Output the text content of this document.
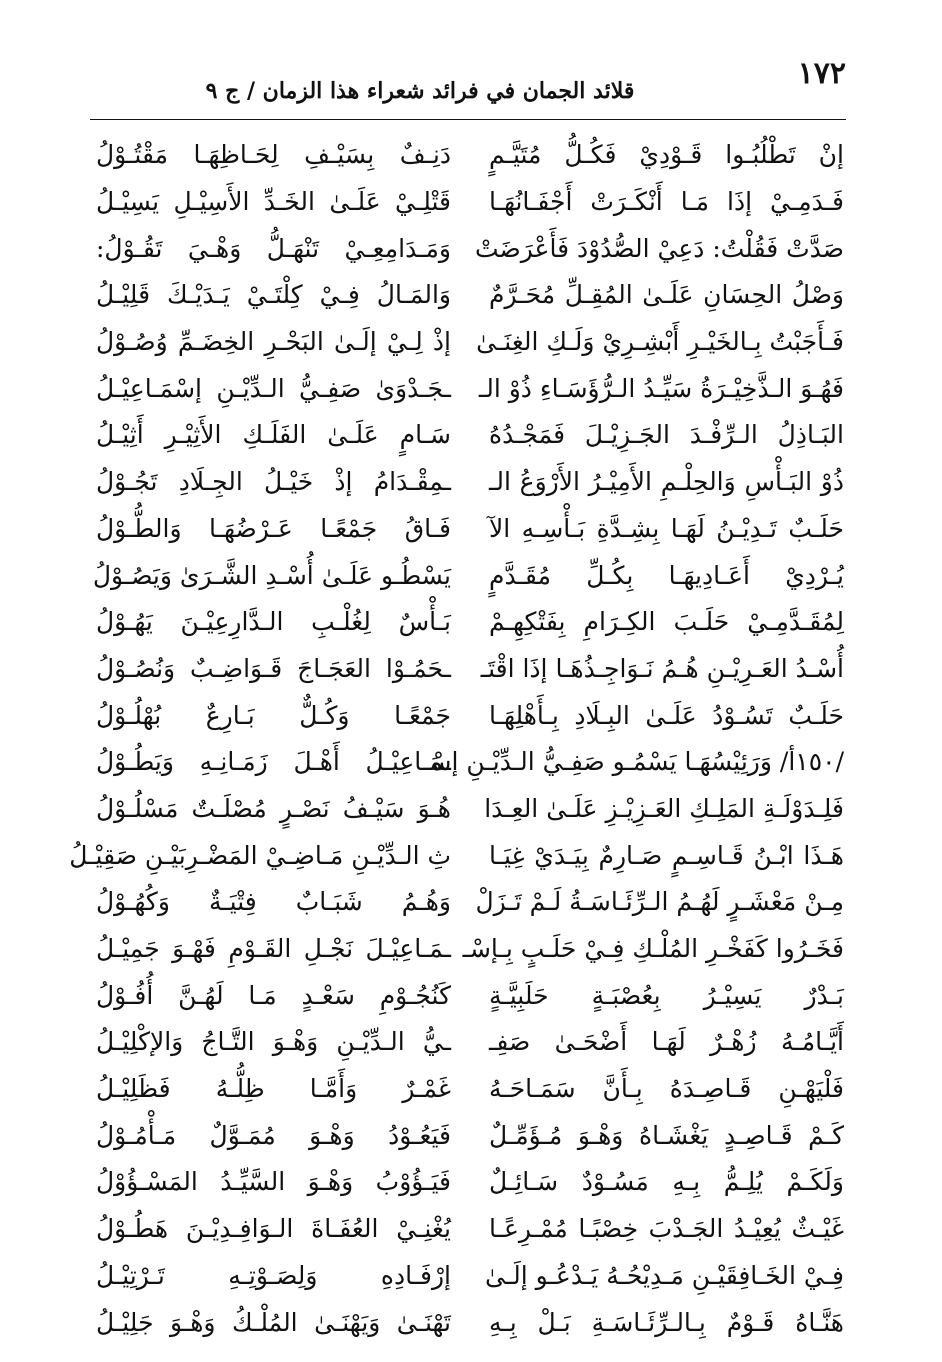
١٧٢
قلائد الجمان في فرائد شعراء هذا الزمان / ج ٩
إنْ تَطْلُبُـوا قَـوْدِيْ فَكُـلُّ مُتَيَّـمٍ
دَنِـفٌ بِسَيْـفِ لِحَـاظِهَـا مَقْتُـوْلُ
فَـدَمِـيْ إذَا مَـا أَنْكَـرَتْ أَجْفَـانُهَـا
قَتْلِـيْ عَلَـىٰ الخَـدِّ الأَسِيْـلِ يَسِيْـلُ
صَدَّتْ فَقُلْتُ: دَعِيْ الصُّدُوْدَ فَأَعْرَضَتْ
وَمَـدَامِعِـيْ تَنْهَـلُّ وَهْـيَ تَقُـوْلُ:
وَصْلُ الحِسَانِ عَلَـىٰ المُقِـلِّ مُحَـرَّمٌ
وَالمَـالُ فِـيْ كِلْتَـيْ يَـدَيْـكَ قَلِيْـلُ
فَـأَجَبْتُ بِـالخَيْـرِ أَبْشِـرِيْ وَلَـكِ الغِنَـىٰ
إذْ لِـيْ إلَـىٰ البَحْـرِ الخِضَـمِّ وُصُـوْلُ
فَهُـوَ الـذَّخِيْـرَةُ سَيِّـدُ الـرُّؤَسَـاءِ ذُوْ الـ
ـجَـدْوَىٰ صَفِـيُّ الـدِّيْـنِ إسْمَـاعِيْـلُ
البَـاذِلُ الـرِّفْـدَ الجَـزِيْـلَ فَمَجْـدُهُ
سَـامٍ عَلَـىٰ الفَلَـكِ الأَثِيْـرِ أَثِيْـلُ
ذُوْ البَـأْسِ وَالحِلْـمِ الأَمِيْـرُ الأَرْوَعُ الـ
ـمِقْـدَامُ إذْ خَيْـلُ الجِـلَادِ تَجُـوْلُ
حَلَـبٌ تَـدِيْـنُ لَهَـا بِشِـدَّةِ بَـأْسِـهِ الآ
فَـاقُ جَمْعًـا عَـرْضُهَـا وَالطُّـوْلُ
يُـرْدِيْ أَعَـادِيهَـا بِكُـلِّ مُقَـدَّمٍ
يَسْطُـو عَلَـىٰ أُسْـدِ الشَّـرَىٰ وَيَصُـوْلُ
لِمُقَـدَّمِـيْ حَلَـبَ الكِـرَامِ بِفَتْكِهِـمْ
بَـأْسٌ لِغُلْـبِ الـدَّارِعِيْـنَ يَهُـوْلُ
أُسْـدُ العَـرِيْـنِ هُـمُ نَـوَاجِـذُهَـا إذَا اقْتَـ
ـحَمُـوْا العَجَـاجَ قَـوَاضِـبٌ وَنُصُـوْلُ
حَلَـبٌ تَسُـوْدُ عَلَـىٰ البِـلَادِ بِـأَهْلِهَـا
جَمْعًـا وَكُـلٌّ بَـارِعٌ بُهْلُـوْلُ
/١٥٠أ/ وَرَئِيْسُهَـا يَسْمُـو صَفِـيُّ الـدِّيْـنِ إسْـ
ـمَـاعِيْـلُ أَهْـلَ زَمَـانِـهِ وَيَطُـوْلُ
فَلِـدَوْلَـةِ المَلِـكِ العَـزِيْـزِ عَلَـىٰ العِـدَا
هُـوَ سَيْـفُ نَصْـرٍ مُصْلَـتٌ مَسْلُـوْلُ
هَـذَا ابْـنُ قَـاسِـمٍ صَـارِمٌ بِيَـدَيْ غِيَـا
ثِ الـدِّيْـنِ مَـاضِـيْ المَضْـرِبَيْـنِ صَقِيْـلُ
مِـنْ مَعْشَـرٍ لَهُـمُ الـرِّئَـاسَـةُ لَـمْ تَـزَلْ
وَهُـمُ شَبَـابٌ فِتْيَـةٌ وَكُهُـوْلُ
فَخَـرُوا كَفَخْـرِ المُلْـكِ فِـيْ حَلَـبٍ بِـإسْـ
ـمَـاعِيْـلَ نَجْـلِ القَـوْمِ فَهْـوَ جَمِيْـلُ
بَـدْرٌ يَسِيْـرُ بِعُصْبَـةٍ حَلَبِيَّـةٍ
كَنُجُـوْمِ سَعْـدٍ مَـا لَهُـنَّ أُفُـوْلُ
أَيَّـامُـهُ زُهْـرٌ لَهَـا أَضْحَـىٰ صَفِـ
ـيُّ الـدِّيْـنِ وَهْـوَ التَّـاجُ وَالإكْلِيْـلُ
فَلْيَهْـنِ قَـاصِـدَهُ بِـأَنَّ سَمَـاحَـهُ
غَمْـرٌ وَأَمَّـا ظِلُّـهُ فَظَلِيْـلُ
كَـمْ قَـاصِـدٍ يَغْشَـاهُ وَهْـوَ مُـؤَمِّـلٌ
فَيَعُـوْدُ وَهْـوَ مُمَـوَّلٌ مَـأْمُـوْلُ
وَلَكَـمْ يُلِـمُّ بِـهِ مَسُـوْدٌ سَـائِـلٌ
فَيَـؤُوْبُ وَهْـوَ السَّيِّـدُ المَسْـؤُوْلُ
غَيْـثٌ يُعِيْـدُ الجَـدْبَ خِصْبًـا مُمْـرِعًـا
يُغْنِـيْ العُفَـاةَ الـوَافِـدِيْـنَ هَطُـوْلُ
فِـيْ الخَـافِقَيْـنِ مَـدِيْحُـهُ يَـدْعُـو إلَـىٰ
إرْفَـادِهِ وَلِصَـوْتِـهِ تَـرْتِيْـلُ
هَنَّـاهُ قَـوْمٌ بِـالـرِّئَـاسَـةِ بَـلْ بِـهِ
تَهْنَـىٰ وَيَهْنَـىٰ المُلْـكُ وَهْـوَ جَلِيْـلُ
